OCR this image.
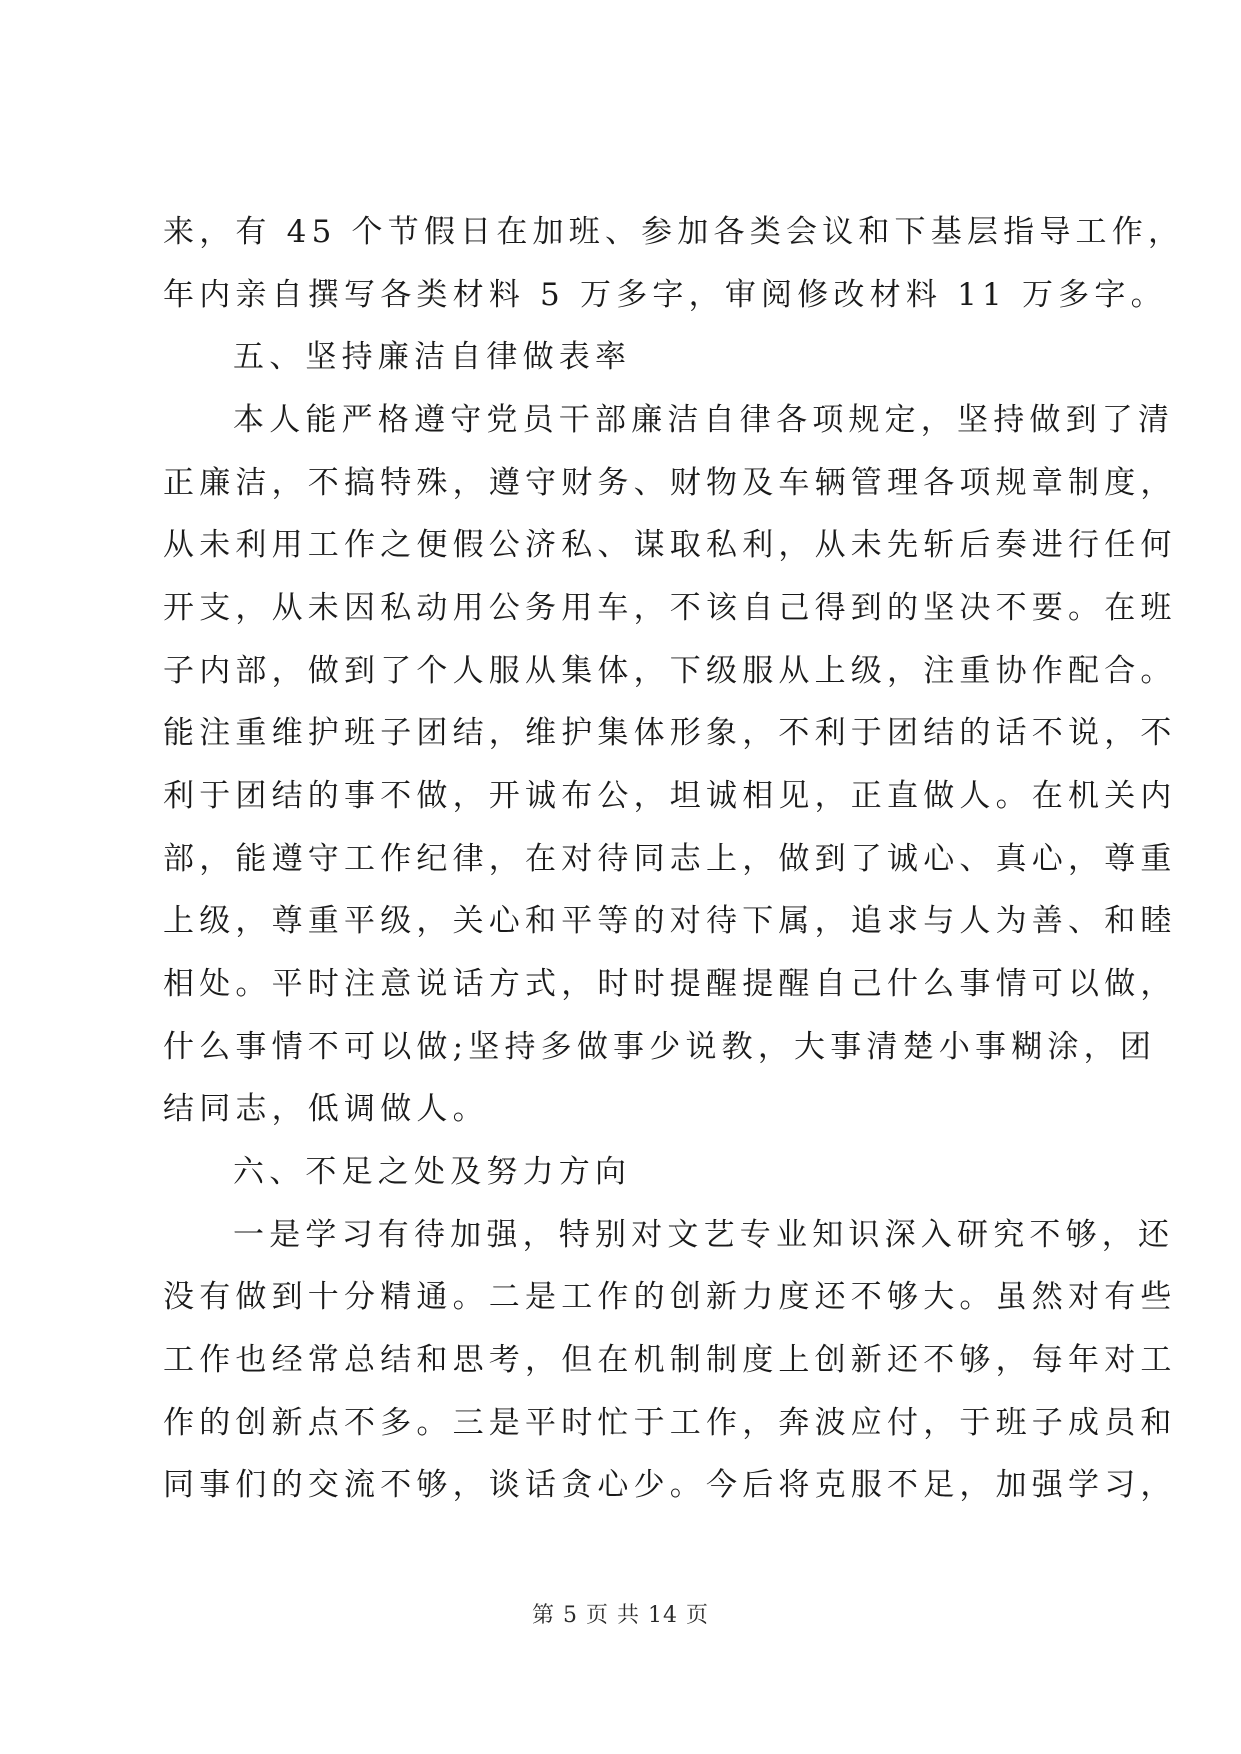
来，有 45 个节假日在加班、参加各类会议和下基层指导工作，
年内亲自撰写各类材料 5 万多字，审阅修改材料 11 万多字。
五、坚持廉洁自律做表率
本人能严格遵守党员干部廉洁自律各项规定，坚持做到了清
正廉洁，不搞特殊，遵守财务、财物及车辆管理各项规章制度，
从未利用工作之便假公济私、谋取私利，从未先斩后奏进行任何
开支，从未因私动用公务用车，不该自己得到的坚决不要。在班
子内部，做到了个人服从集体，下级服从上级，注重协作配合。
能注重维护班子团结，维护集体形象，不利于团结的话不说，不
利于团结的事不做，开诚布公，坦诚相见，正直做人。在机关内
部，能遵守工作纪律，在对待同志上，做到了诚心、真心，尊重
上级，尊重平级，关心和平等的对待下属，追求与人为善、和睦
相处。平时注意说话方式，时时提醒提醒自己什么事情可以做，
什么事情不可以做;坚持多做事少说教，大事清楚小事糊涂，团
结同志，低调做人。
六、不足之处及努力方向
一是学习有待加强，特别对文艺专业知识深入研究不够，还
没有做到十分精通。二是工作的创新力度还不够大。虽然对有些
工作也经常总结和思考，但在机制制度上创新还不够，每年对工
作的创新点不多。三是平时忙于工作，奔波应付，于班子成员和
同事们的交流不够，谈话贪心少。今后将克服不足，加强学习，
第 5 页 共 14 页
